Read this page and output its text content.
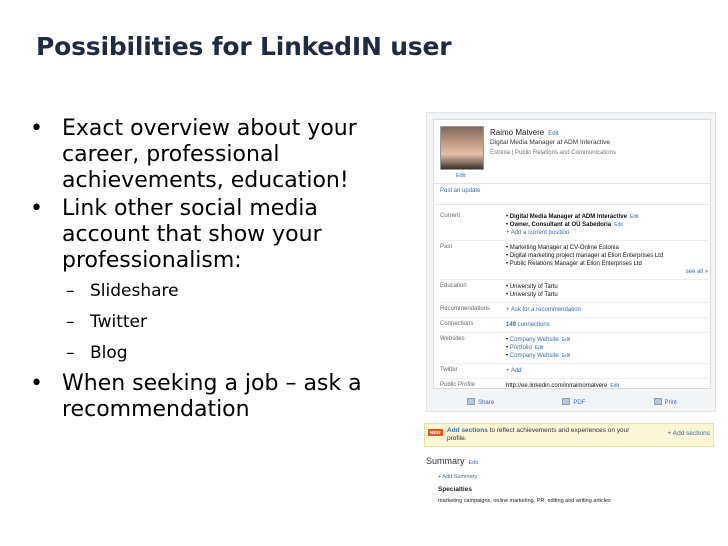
Possibilities for LinkedIN user
• Exact overview about your career, professional achievements, education!
• Link other social media account that show your professionalism:
– Slideshare
– Twitter
– Blog
• When seeking a job – ask a recommendation
Raimo Matvere Edit
Digital Media Manager at ADM Interactive
Estonia | Public Relations and Communications
Edit
Post an update
Current	• Digital Media Manager at ADM Interactive Edit
• Owner, Consultant at OÜ Sabedoria Edit
+ Add a current position
Past	• Marketing Manager at CV-Online Estonia
• Digital marketing project manager at Elion Enterprises Ltd
• Public Relations Manager at Elion Enterprises Ltd
see all »
Education	• University of Tartu
• University of Tartu
Recommendations	+ Ask for a recommendation
Connections	149 connections
Websites	• Company Website Edit
• Portfolio Edit
• Company Website Edit
Twitter	+ Add
Public Profile	http://ee.linkedin.com/in/raimomatvere Edit
Share	PDF	Print
NEW	Add sections to reflect achievements and experiences on your profile.
+ Add sections
Summary Edit
+ Add Summary
Specialties
marketing campaigns, online marketing, PR, editing and writing articles
